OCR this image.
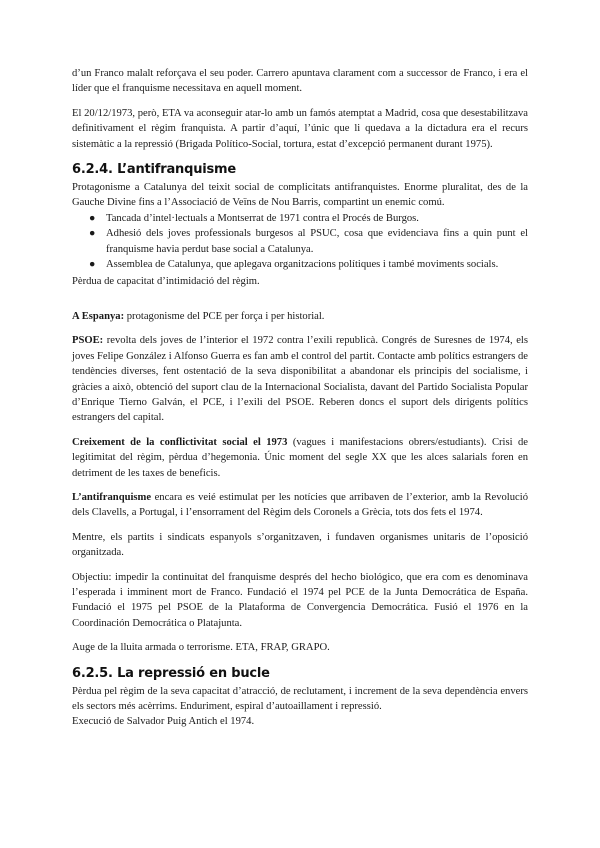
d’un Franco malalt reforçava el seu poder. Carrero apuntava clarament com a successor de Franco, i era el líder que el franquisme necessitava en aquell moment.

El 20/12/1973, però, ETA va aconseguir atar-lo amb un famós atemptat a Madrid, cosa que desestabilitzava definitivament el règim franquista. A partir d’aquí, l’únic que li quedava a la dictadura era el recurs sistemàtic a la repressió (Brigada Político-Social, tortura, estat d’excepció permanent durant 1975).

6.2.4. L’antifranquisme

Protagonisme a Catalunya del teixit social de complicitats antifranquistes. Enorme pluralitat, des de la Gauche Divine fins a l’Associació de Veïns de Nou Barris, compartint un enemic comú.

● Tancada d’intel·lectuals a Montserrat de 1971 contra el Procés de Burgos.
● Adhesió dels joves professionals burgesos al PSUC, cosa que evidenciava fins a quin punt el franquisme havia perdut base social a Catalunya.
● Assemblea de Catalunya, que aplegava organitzacions polítiques i també moviments socials.

Pèrdua de capacitat d’intimidació del règim.

A Espanya: protagonisme del PCE per força i per historial.

PSOE: revolta dels joves de l’interior el 1972 contra l’exili republicà. Congrés de Suresnes de 1974, els joves Felipe González i Alfonso Guerra es fan amb el control del partit. Contacte amb polítics estrangers de tendències diverses, fent ostentació de la seva disponibilitat a abandonar els principis del socialisme, i gràcies a això, obtenció del suport clau de la Internacional Socialista, davant del Partido Socialista Popular d’Enrique Tierno Galván, el PCE, i l’exili del PSOE. Reberen doncs el suport dels dirigents polítics estrangers del capital.

Creixement de la conflictivitat social el 1973 (vagues i manifestacions obrers/estudiants). Crisi de legitimitat del règim, pèrdua d’hegemonia. Únic moment del segle XX que les alces salarials foren en detriment de les taxes de beneficis.

L’antifranquisme encara es veié estimulat per les notícies que arribaven de l’exterior, amb la Revolució dels Clavells, a Portugal, i l’ensorrament del Règim dels Coronels a Grècia, tots dos fets el 1974.

Mentre, els partits i sindicats espanyols s’organitzaven, i fundaven organismes unitaris de l’oposició organitzada.

Objectiu: impedir la continuitat del franquisme després del hecho biológico, que era com es denominava l’esperada i imminent mort de Franco. Fundació el 1974 pel PCE de la Junta Democrática de España. Fundació el 1975 pel PSOE de la Plataforma de Convergencia Democrática. Fusió el 1976 en la Coordinación Democrática o Platajunta.

Auge de la lluita armada o terrorisme. ETA, FRAP, GRAPO.

6.2.5. La repressió en bucle

Pèrdua pel règim de la seva capacitat d’atracció, de reclutament, i increment de la seva dependència envers els sectors més acèrrims. Enduriment, espiral d’autoaillament i repressió.

Execució de Salvador Puig Antich el 1974.
